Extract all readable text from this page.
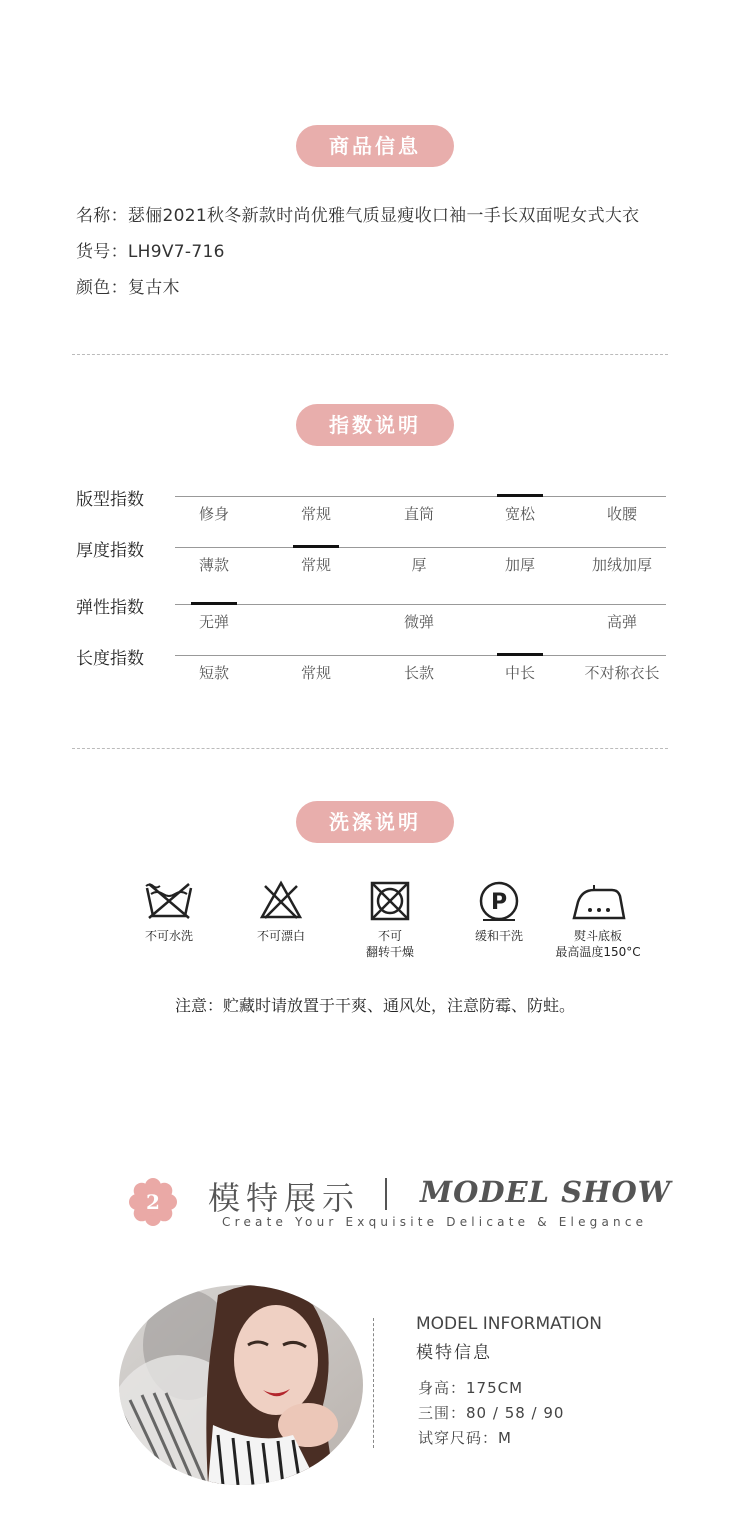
商品信息
名称：瑟俪2021秋冬新款时尚优雅气质显瘦收口袖一手长双面呢女式大衣
货号：LH9V7-716
颜色：复古木
指数说明
版型指数
修身	常规	直筒	宽松	收腰
厚度指数
薄款	常规	厚	加厚	加绒加厚
弹性指数
无弹	微弹	高弹
长度指数
短款	常规	长款	中长	不对称衣长
洗涤说明
不可水洗	不可漂白	不可
翻转干燥
P
缓和干洗	熨斗底板
最高温度150°C
注意：贮藏时请放置于干爽、通风处，注意防霉、防蛀。
2 模特展示 MODEL SHOW
Create Your Exquisite Delicate & Elegance
MODEL INFORMATION
模特信息
身高：175CM
三围：80 / 58 / 90
试穿尺码：M
